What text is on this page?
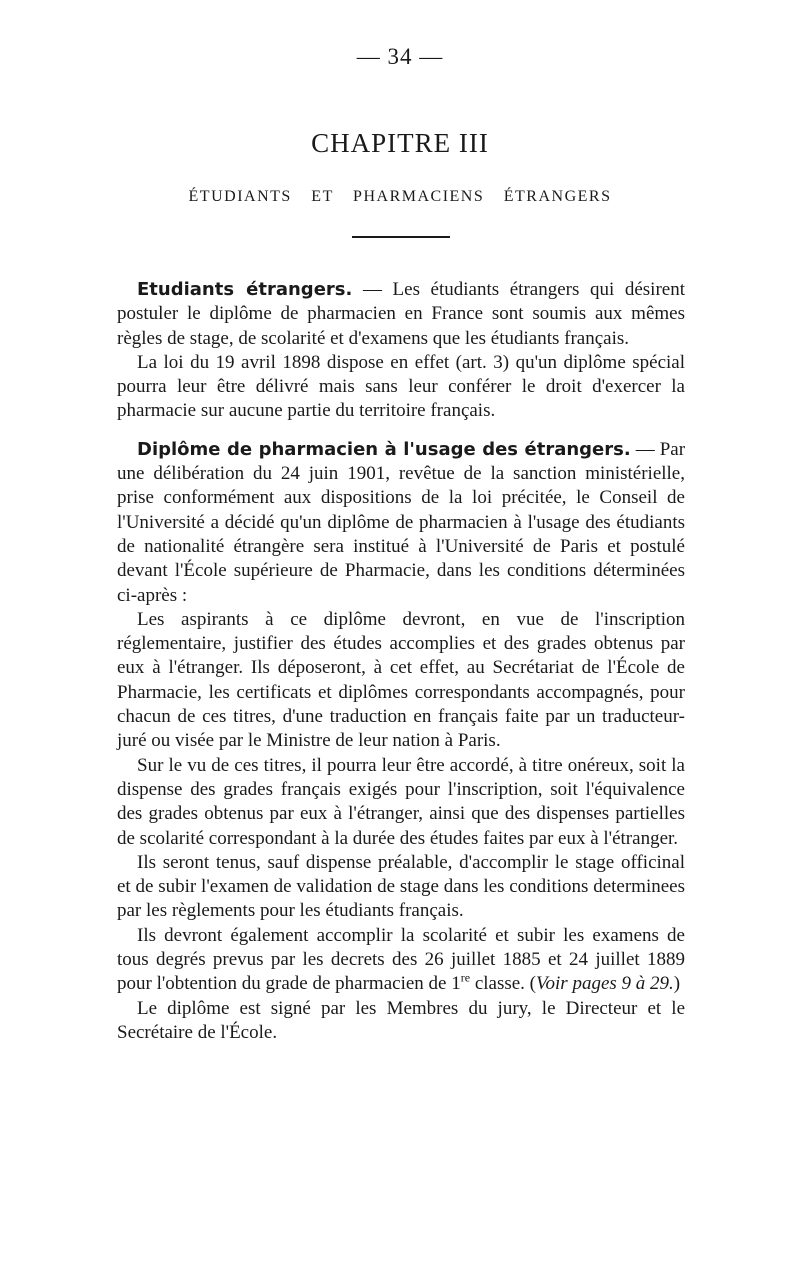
— 34 —
CHAPITRE III
ÉTUDIANTS ET PHARMACIENS ÉTRANGERS

Etudiants étrangers. — Les étudiants étrangers qui désirent postuler le diplôme de pharmacien en France sont soumis aux mêmes règles de stage, de scolarité et d'examens que les étudiants français.

La loi du 19 avril 1898 dispose en effet (art. 3) qu'un diplôme spécial pourra leur être délivré mais sans leur conférer le droit d'exercer la pharmacie sur aucune partie du territoire français.

Diplôme de pharmacien à l'usage des étrangers. — Par une délibération du 24 juin 1901, revêtue de la sanction ministérielle, prise conformément aux dispositions de la loi précitée, le Conseil de l'Université a décidé qu'un diplôme de pharmacien à l'usage des étudiants de nationalité étrangère sera institué à l'Université de Paris et postulé devant l'École supérieure de Pharmacie, dans les conditions déterminées ci-après :

Les aspirants à ce diplôme devront, en vue de l'inscription réglementaire, justifier des études accomplies et des grades obtenus par eux à l'étranger. Ils déposeront, à cet effet, au Secrétariat de l'École de Pharmacie, les certificats et diplômes correspondants accompagnés, pour chacun de ces titres, d'une traduction en français faite par un traducteur-juré ou visée par le Ministre de leur nation à Paris.

Sur le vu de ces titres, il pourra leur être accordé, à titre onéreux, soit la dispense des grades français exigés pour l'inscription, soit l'équivalence des grades obtenus par eux à l'étranger, ainsi que des dispenses partielles de scolarité correspondant à la durée des études faites par eux à l'étranger.

Ils seront tenus, sauf dispense préalable, d'accomplir le stage officinal et de subir l'examen de validation de stage dans les conditions determinees par les règlements pour les étudiants français.

Ils devront également accomplir la scolarité et subir les examens de tous degrés prevus par les decrets des 26 juillet 1885 et 24 juillet 1889 pour l'obtention du grade de pharmacien de 1re classe. (Voir pages 9 à 29.)

Le diplôme est signé par les Membres du jury, le Directeur et le Secrétaire de l'École.
